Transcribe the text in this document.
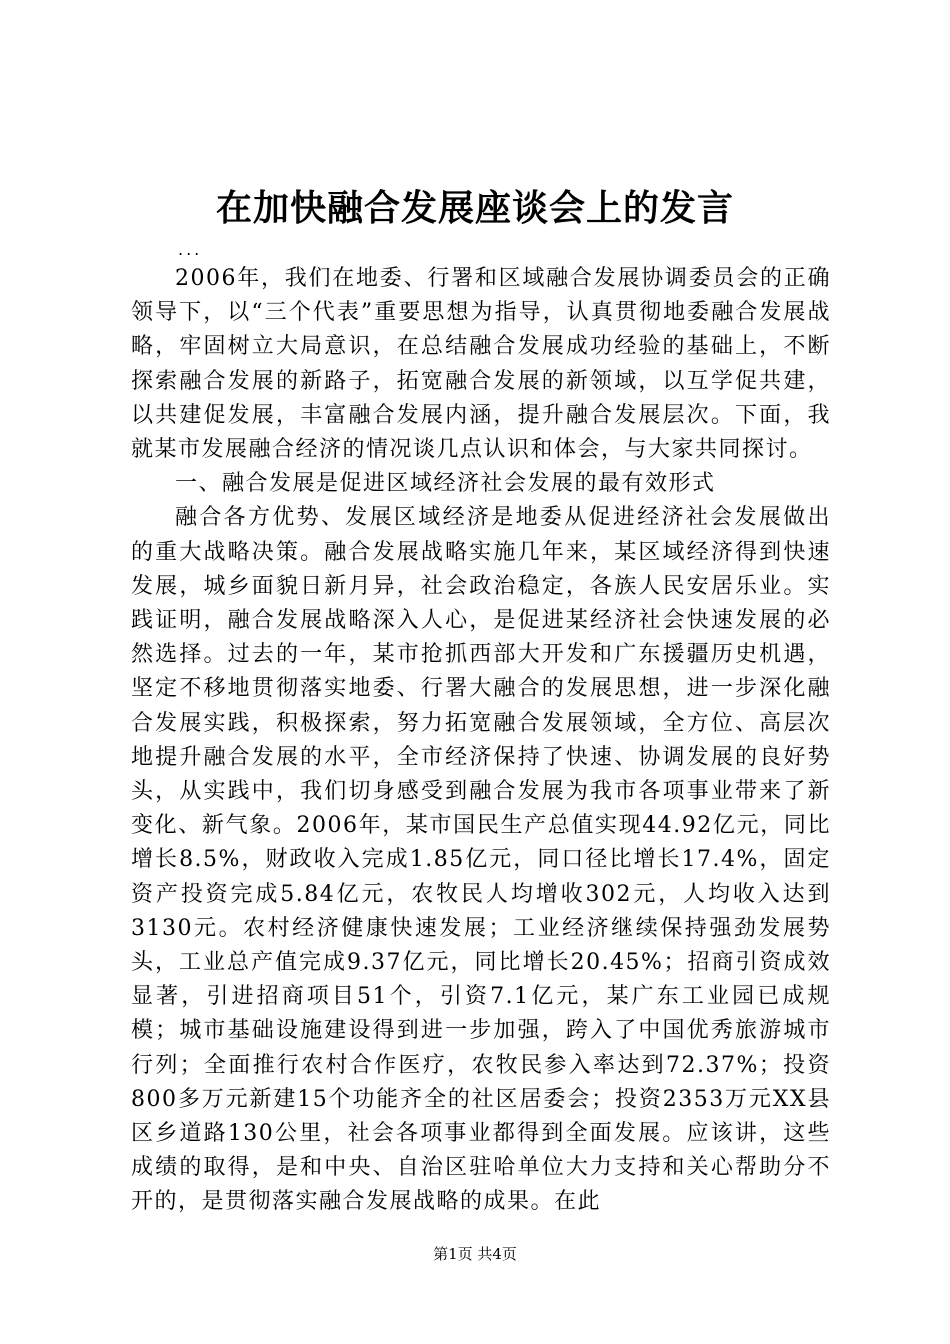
在加快融合发展座谈会上的发言
...

2006年，我们在地委、行署和区域融合发展协调委员会的正确领导下，以“三个代表”重要思想为指导，认真贯彻地委融合发展战略，牢固树立大局意识，在总结融合发展成功经验的基础上，不断探索融合发展的新路子，拓宽融合发展的新领域，以互学促共建，以共建促发展，丰富融合发展内涵，提升融合发展层次。下面，我就某市发展融合经济的情况谈几点认识和体会，与大家共同探讨。

一、融合发展是促进区域经济社会发展的最有效形式

融合各方优势、发展区域经济是地委从促进经济社会发展做出的重大战略决策。融合发展战略实施几年来，某区域经济得到快速发展，城乡面貌日新月异，社会政治稳定，各族人民安居乐业。实践证明，融合发展战略深入人心，是促进某经济社会快速发展的必然选择。过去的一年，某市抢抓西部大开发和广东援疆历史机遇，坚定不移地贯彻落实地委、行署大融合的发展思想，进一步深化融合发展实践，积极探索，努力拓宽融合发展领域，全方位、高层次地提升融合发展的水平，全市经济保持了快速、协调发展的良好势头，从实践中，我们切身感受到融合发展为我市各项事业带来了新变化、新气象。2006年，某市国民生产总值实现44.92亿元，同比增长8.5%，财政收入完成1.85亿元，同口径比增长17.4%，固定资产投资完成5.84亿元，农牧民人均增收302元，人均收入达到3130元。农村经济健康快速发展；工业经济继续保持强劲发展势头，工业总产值完成9.37亿元，同比增长20.45%；招商引资成效显著，引进招商项目51个，引资7.1亿元，某广东工业园已成规模；城市基础设施建设得到进一步加强，跨入了中国优秀旅游城市行列；全面推行农村合作医疗，农牧民参入率达到72.37%；投资800多万元新建15个功能齐全的社区居委会；投资2353万元XX县区乡道路130公里，社会各项事业都得到全面发展。应该讲，这些成绩的取得，是和中央、自治区驻哈单位大力支持和关心帮助分不开的，是贯彻落实融合发展战略的成果。在此

第1页 共4页
